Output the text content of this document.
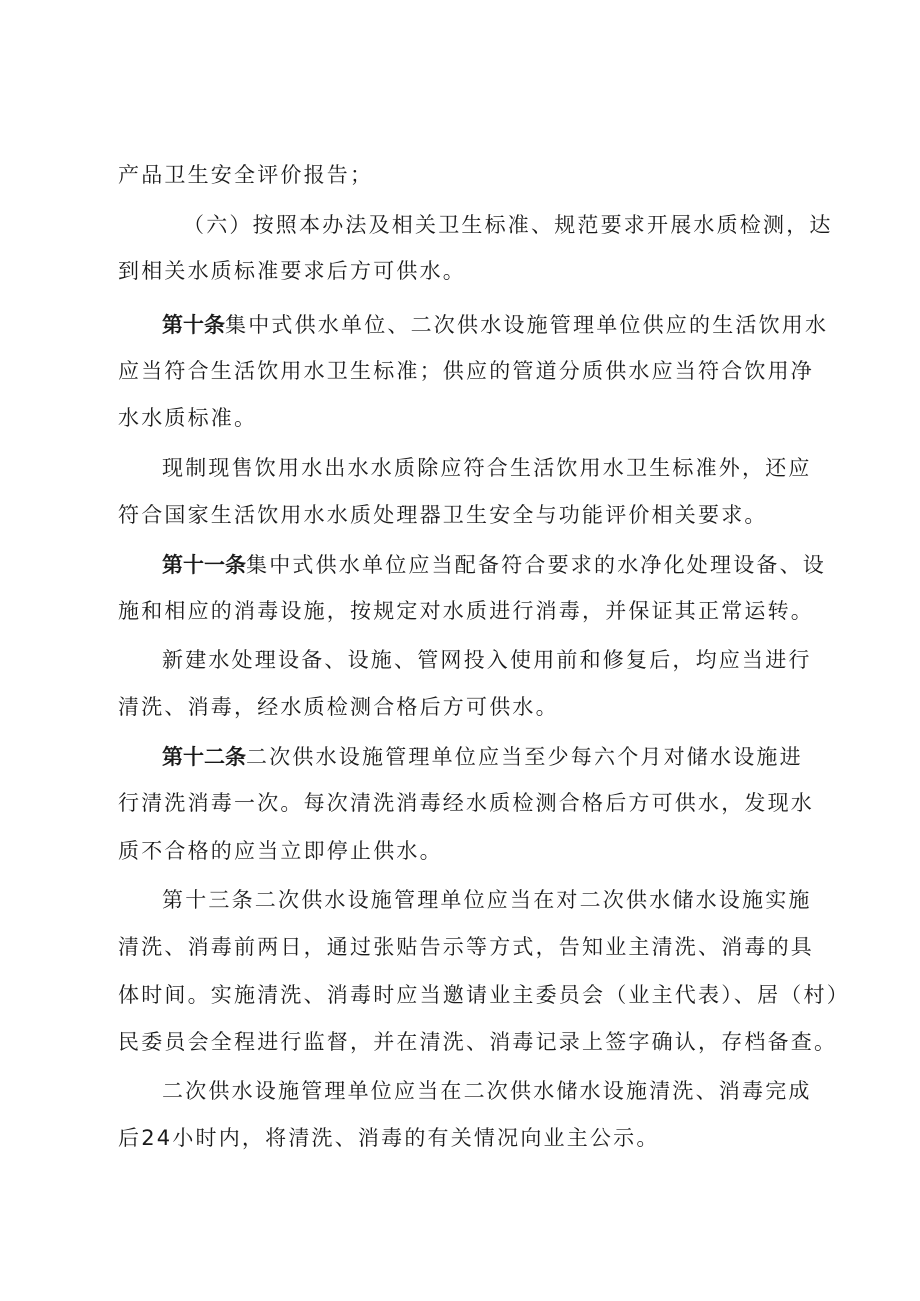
产品卫生安全评价报告；
（六）按照本办法及相关卫生标准、规范要求开展水质检测，达
到相关水质标准要求后方可供水。
第十条集中式供水单位、二次供水设施管理单位供应的生活饮用水
应当符合生活饮用水卫生标准；供应的管道分质供水应当符合饮用净
水水质标准。
现制现售饮用水出水水质除应符合生活饮用水卫生标准外，还应
符合国家生活饮用水水质处理器卫生安全与功能评价相关要求。
第十一条集中式供水单位应当配备符合要求的水净化处理设备、设
施和相应的消毒设施，按规定对水质进行消毒，并保证其正常运转。
新建水处理设备、设施、管网投入使用前和修复后，均应当进行
清洗、消毒，经水质检测合格后方可供水。
第十二条二次供水设施管理单位应当至少每六个月对储水设施进
行清洗消毒一次。每次清洗消毒经水质检测合格后方可供水，发现水
质不合格的应当立即停止供水。
第十三条二次供水设施管理单位应当在对二次供水储水设施实施
清洗、消毒前两日，通过张贴告示等方式，告知业主清洗、消毒的具
体时间。实施清洗、消毒时应当邀请业主委员会（业主代表）、居（村）
民委员会全程进行监督，并在清洗、消毒记录上签字确认，存档备查。
二次供水设施管理单位应当在二次供水储水设施清洗、消毒完成
后24小时内，将清洗、消毒的有关情况向业主公示。
